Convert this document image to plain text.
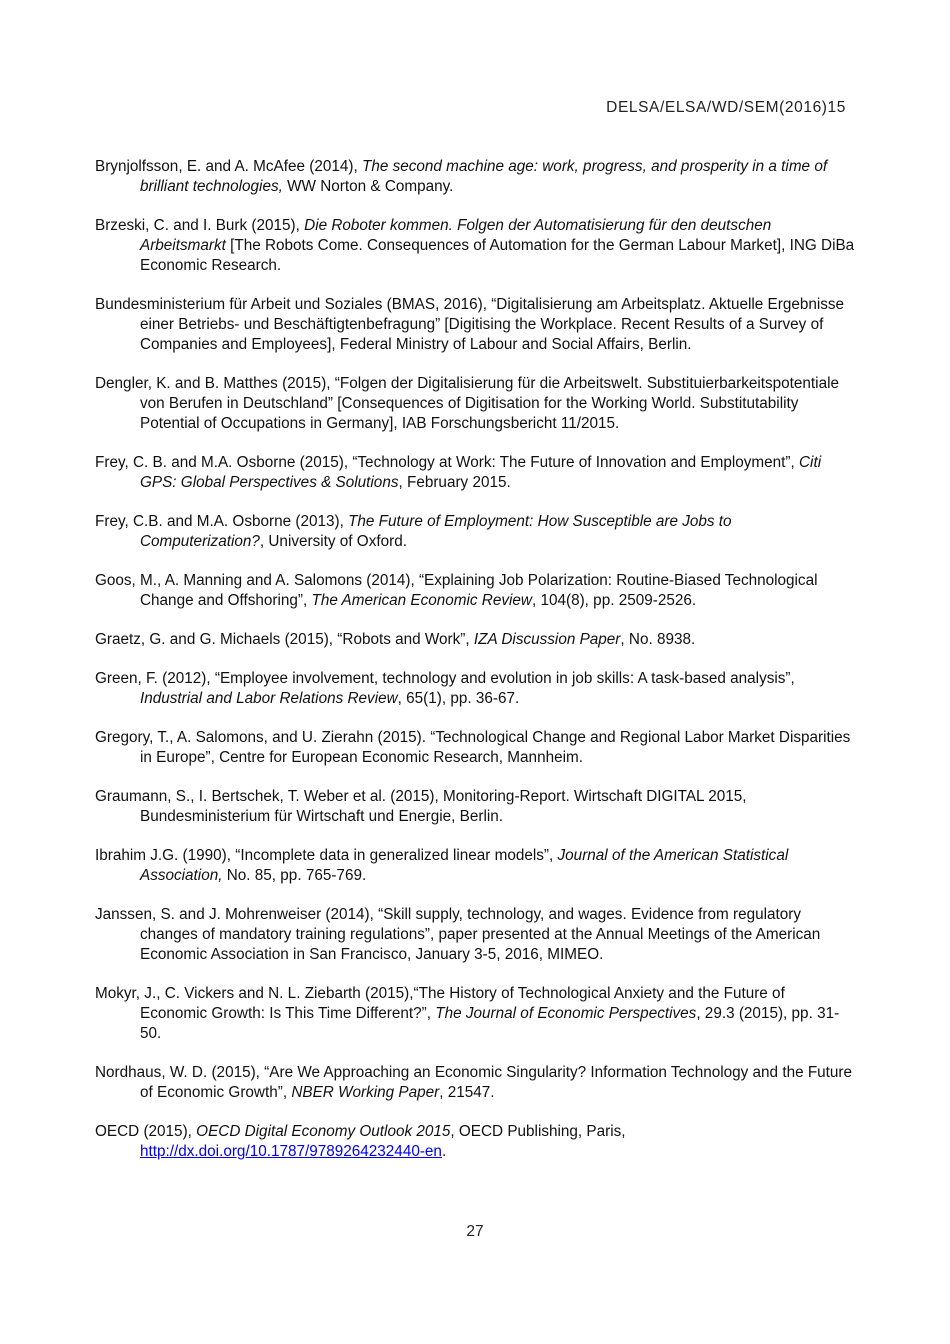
DELSA/ELSA/WD/SEM(2016)15

Brynjolfsson, E. and A. McAfee (2014), The second machine age: work, progress, and prosperity in a time of brilliant technologies, WW Norton & Company.

Brzeski, C. and I. Burk (2015), Die Roboter kommen. Folgen der Automatisierung für den deutschen Arbeitsmarkt [The Robots Come. Consequences of Automation for the German Labour Market], ING DiBa Economic Research.

Bundesministerium für Arbeit und Soziales (BMAS, 2016), “Digitalisierung am Arbeitsplatz. Aktuelle Ergebnisse einer Betriebs- und Beschäftigtenbefragung” [Digitising the Workplace. Recent Results of a Survey of Companies and Employees], Federal Ministry of Labour and Social Affairs, Berlin.

Dengler, K. and B. Matthes (2015), “Folgen der Digitalisierung für die Arbeitswelt. Substituierbarkeitspotentiale von Berufen in Deutschland” [Consequences of Digitisation for the Working World. Substitutability Potential of Occupations in Germany], IAB Forschungsbericht 11/2015.

Frey, C. B. and M.A. Osborne (2015), “Technology at Work: The Future of Innovation and Employment”, Citi GPS: Global Perspectives & Solutions, February 2015.

Frey, C.B. and M.A. Osborne (2013), The Future of Employment: How Susceptible are Jobs to Computerization?, University of Oxford.

Goos, M., A. Manning and A. Salomons (2014), “Explaining Job Polarization: Routine-Biased Technological Change and Offshoring”, The American Economic Review, 104(8), pp. 2509-2526.

Graetz, G. and G. Michaels (2015), “Robots and Work”, IZA Discussion Paper, No. 8938.

Green, F. (2012), “Employee involvement, technology and evolution in job skills: A task-based analysis”, Industrial and Labor Relations Review, 65(1), pp. 36-67.

Gregory, T., A. Salomons, and U. Zierahn (2015). “Technological Change and Regional Labor Market Disparities in Europe”, Centre for European Economic Research, Mannheim.

Graumann, S., I. Bertschek, T. Weber et al. (2015), Monitoring-Report. Wirtschaft DIGITAL 2015, Bundesministerium für Wirtschaft und Energie, Berlin.

Ibrahim J.G. (1990), “Incomplete data in generalized linear models”, Journal of the American Statistical Association, No. 85, pp. 765-769.

Janssen, S. and J. Mohrenweiser (2014), “Skill supply, technology, and wages. Evidence from regulatory changes of mandatory training regulations”, paper presented at the Annual Meetings of the American Economic Association in San Francisco, January 3-5, 2016, MIMEO.

Mokyr, J., C. Vickers and N. L. Ziebarth (2015),“The History of Technological Anxiety and the Future of Economic Growth: Is This Time Different?”, The Journal of Economic Perspectives, 29.3 (2015), pp. 31-50.

Nordhaus, W. D. (2015), “Are We Approaching an Economic Singularity? Information Technology and the Future of Economic Growth”, NBER Working Paper, 21547.

OECD (2015), OECD Digital Economy Outlook 2015, OECD Publishing, Paris, http://dx.doi.org/10.1787/9789264232440-en.

27
